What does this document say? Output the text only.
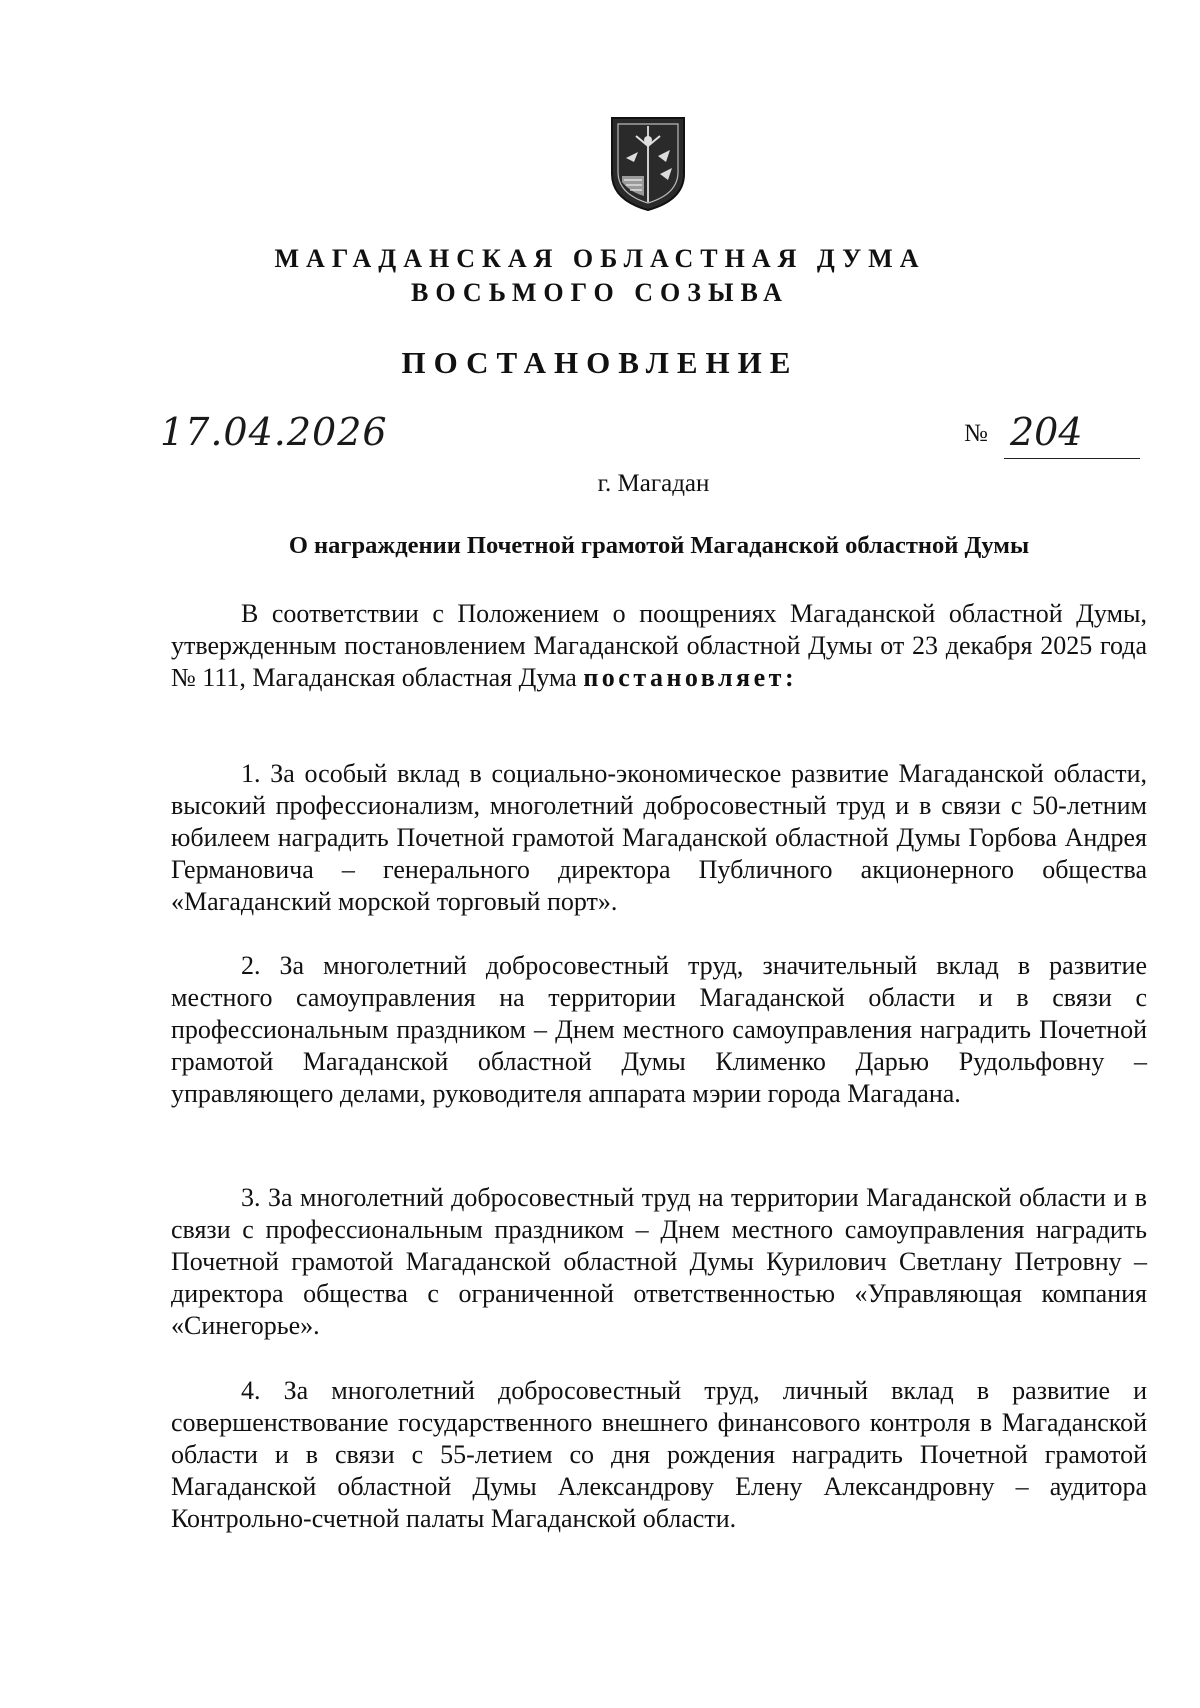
МАГАДАНСКАЯ ОБЛАСТНАЯ ДУМА
ВОСЬМОГО СОЗЫВА
ПОСТАНОВЛЕНИЕ
17.04.2026	№ 204
г. Магадан
О награждении Почетной грамотой Магаданской областной Думы

В соответствии с Положением о поощрениях Магаданской областной Думы, утвержденным постановлением Магаданской областной Думы от 23 декабря 2025 года № 111, Магаданская областная Дума постановляет:

1. За особый вклад в социально-экономическое развитие Магаданской области, высокий профессионализм, многолетний добросовестный труд и в связи с 50-летним юбилеем наградить Почетной грамотой Магаданской областной Думы Горбова Андрея Германовича – генерального директора Публичного акционерного общества «Магаданский морской торговый порт».

2. За многолетний добросовестный труд, значительный вклад в развитие местного самоуправления на территории Магаданской области и в связи с профессиональным праздником – Днем местного самоуправления наградить Почетной грамотой Магаданской областной Думы Клименко Дарью Рудольфовну – управляющего делами, руководителя аппарата мэрии города Магадана.

3. За многолетний добросовестный труд на территории Магаданской области и в связи с профессиональным праздником – Днем местного самоуправления наградить Почетной грамотой Магаданской областной Думы Курилович Светлану Петровну – директора общества с ограниченной ответственностью «Управляющая компания «Синегорье».

4. За многолетний добросовестный труд, личный вклад в развитие и совершенствование государственного внешнего финансового контроля в Магаданской области и в связи с 55-летием со дня рождения наградить Почетной грамотой Магаданской областной Думы Александрову Елену Александровну – аудитора Контрольно-счетной палаты Магаданской области.
